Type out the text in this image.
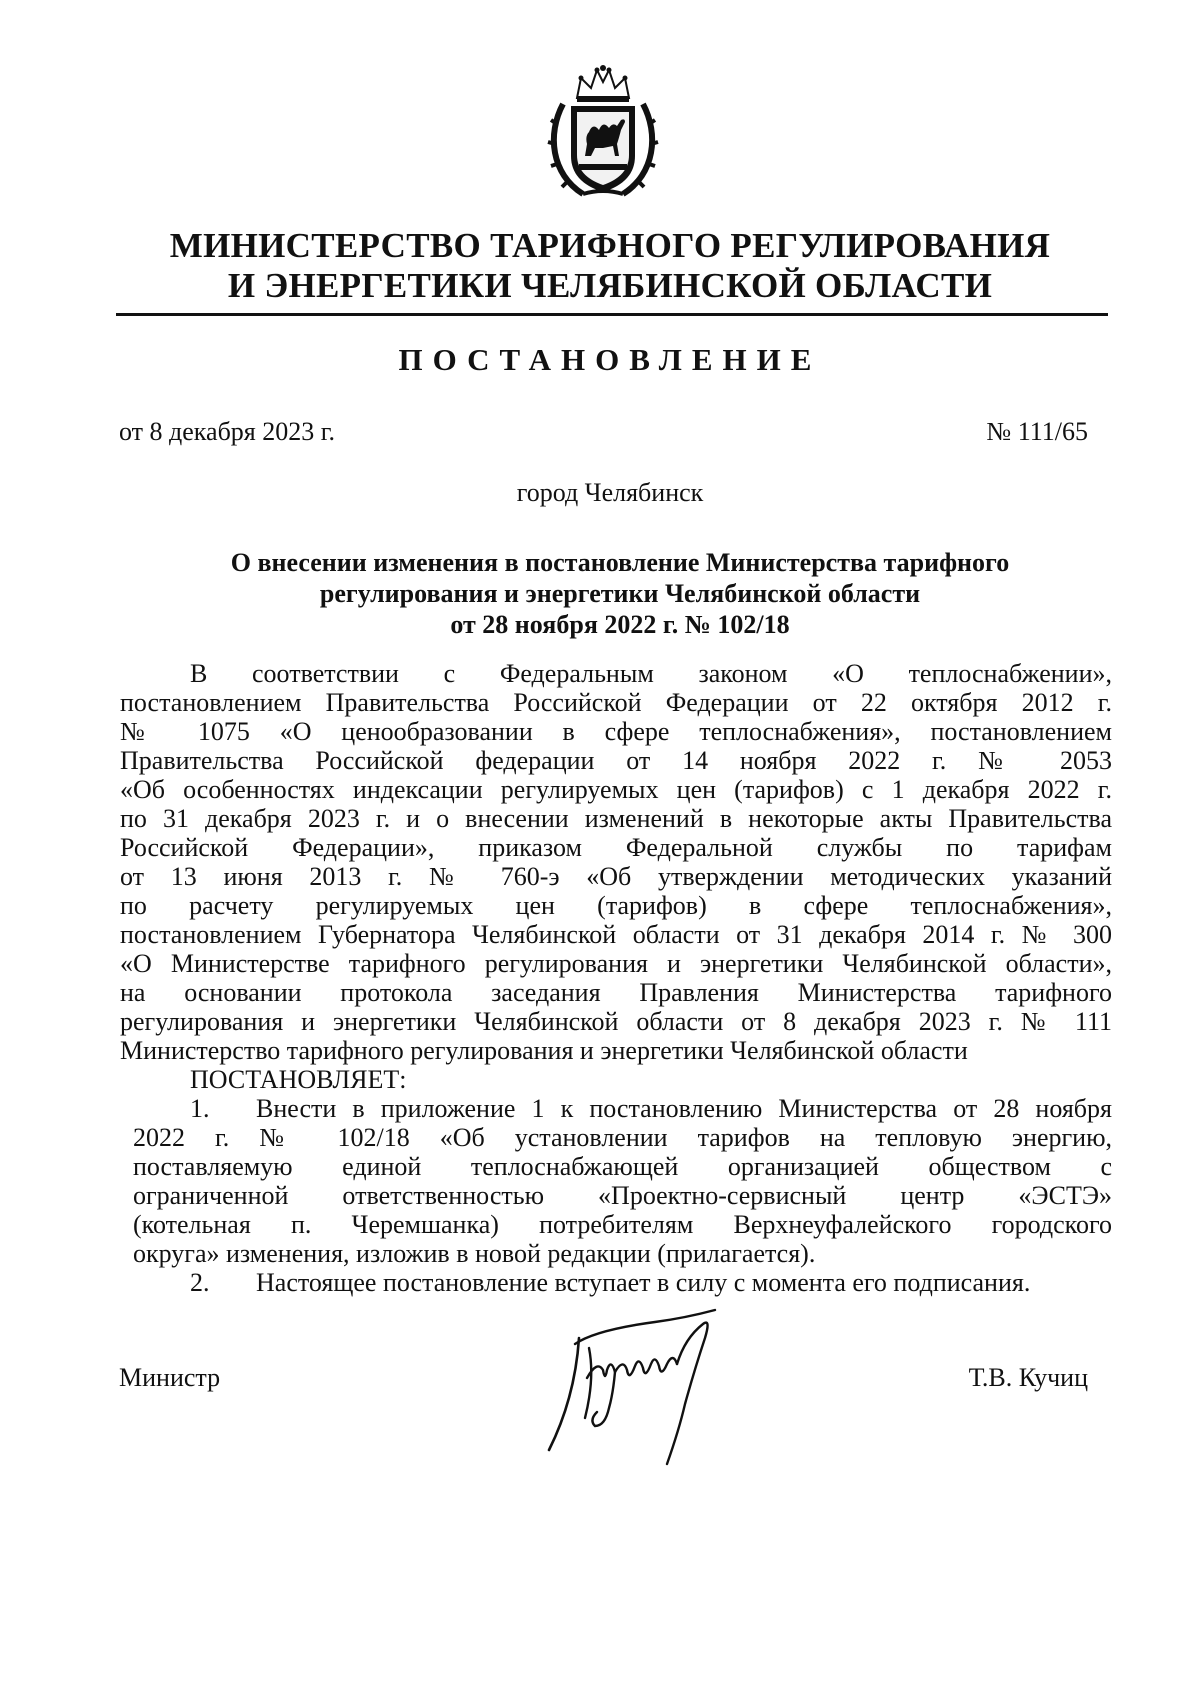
МИНИСТЕРСТВО ТАРИФНОГО РЕГУЛИРОВАНИЯ
И ЭНЕРГЕТИКИ ЧЕЛЯБИНСКОЙ ОБЛАСТИ
ПОСТАНОВЛЕНИЕ
от 8 декабря 2023 г.	№ 111/65
город Челябинск
О внесении изменения в постановление Министерства тарифного
регулирования и энергетики Челябинской области
от 28 ноября 2022 г. № 102/18
В соответствии с Федеральным законом «О теплоснабжении»,
постановлением Правительства Российской Федерации от 22 октября 2012 г.
№ 1075 «О ценообразовании в сфере теплоснабжения», постановлением
Правительства Российской федерации от 14 ноября 2022 г. № 2053
«Об особенностях индексации регулируемых цен (тарифов) с 1 декабря 2022 г.
по 31 декабря 2023 г. и о внесении изменений в некоторые акты Правительства
Российской Федерации», приказом Федеральной службы по тарифам
от 13 июня 2013 г. № 760-э «Об утверждении методических указаний
по расчету регулируемых цен (тарифов) в сфере теплоснабжения»,
постановлением Губернатора Челябинской области от 31 декабря 2014 г. № 300
«О Министерстве тарифного регулирования и энергетики Челябинской области»,
на основании протокола заседания Правления Министерства тарифного
регулирования и энергетики Челябинской области от 8 декабря 2023 г. № 111
Министерство тарифного регулирования и энергетики Челябинской области
ПОСТАНОВЛЯЕТ:
1. Внести в приложение 1 к постановлению Министерства от 28 ноября
2022 г. № 102/18 «Об установлении тарифов на тепловую энергию,
поставляемую единой теплоснабжающей организацией обществом с
ограниченной ответственностью «Проектно-сервисный центр «ЭСТЭ»
(котельная п. Черемшанка) потребителям Верхнеуфалейского городского
округа» изменения, изложив в новой редакции (прилагается).
2. Настоящее постановление вступает в силу с момента его подписания.
Министр	Т.В. Кучиц
